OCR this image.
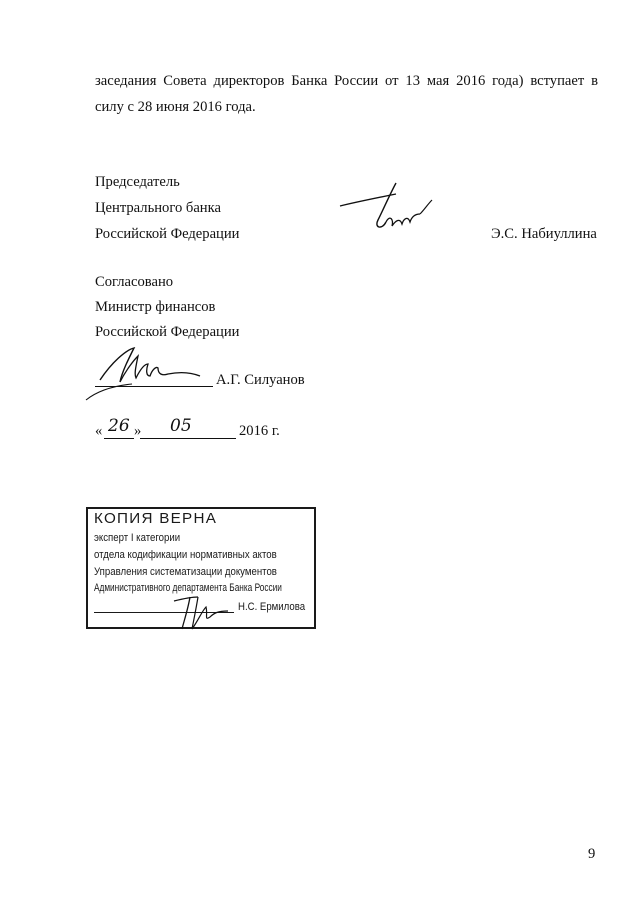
заседания Совета директоров Банка России от 13 мая 2016 года) вступает в
силу с 28 июня 2016 года.
Председатель
Центрального банка
Российской Федерации	Э.С. Набиуллина
Согласовано
Министр финансов
Российской Федерации
А.Г. Силуанов
« 26 » 05	2016 г.
КОПИЯ ВЕРНА
эксперт I категории
отдела кодификации нормативных актов
Управления систематизации документов
Административного департамента Банка России
Н.С. Ермилова
9
